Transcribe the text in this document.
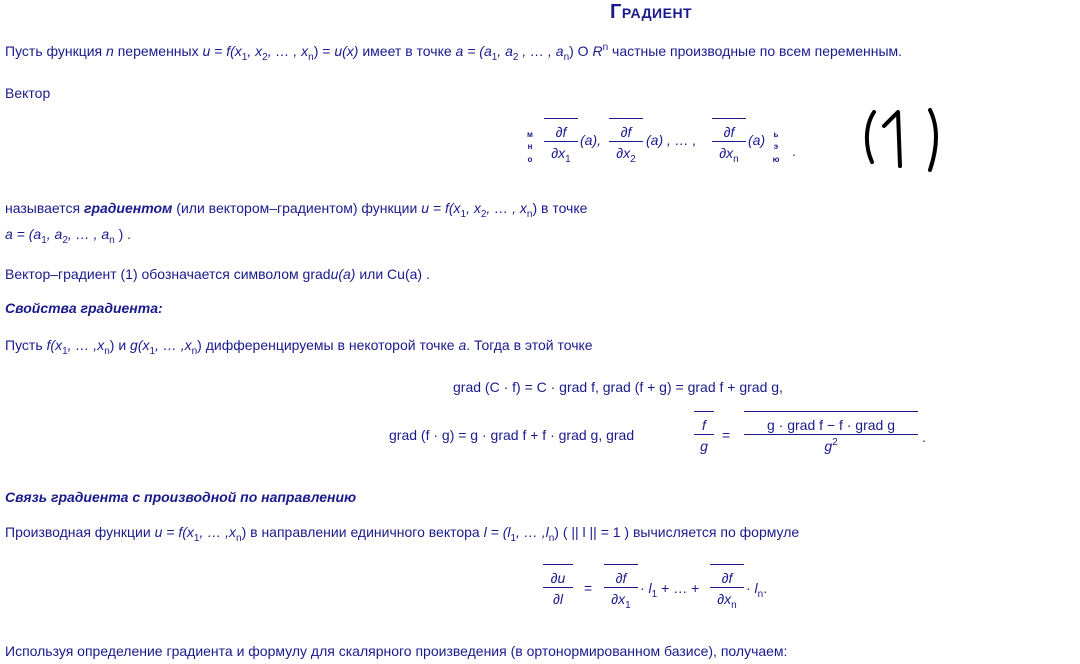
Градиент
Пусть функция n переменных $u = f(x_1$, $x_2$, … , $x_n) = u(x)$ имеет в точке $a = (a_1$, $a_2$ , … , $a_n$) О $R^n$ частные производные по всем переменным.
Вектор
м
н
о $\frac{\partial f}{\partial x_1} (a)$, $\frac{\partial f}{\partial x_2} (a)$ , … , $\frac{\partial f}{\partial x_n} (a)$ ь
э
ю
.
называется градиентом (или вектором–градиентом) функции $u = f(x_1$, $x_2$, … , $x_n$) в точке
$a = (a_1$, $a_2$, … , $a_n$ ) .
Вектор–градиент (1) обозначается символом gradu(a) или Сu(a) .
Свойства градиента:
Пусть $f(x_1$, … $,x_n$) и $g(x_1$, … $,x_n$) дифференцируемы в некоторой точке a. Тогда в этой точке
grad (C · f) = C · grad f, grad (f + g) = grad f + grad g,
grad (f · g) = g · grad f + f · grad g, grad	$\frac{f}{g}$ =
g · grad f − f · grad g
$g^2$	.
Связь градиента с производной по направлению
Производная функции $u = f(x_1$, … $,x_n$) в направлении единичного вектора $l = (l_1$, … $,l_n$) ( || l || = 1 ) вычисляется по формуле
$\frac{\partial u}{\partial l} = \frac{\partial f}{\partial x_1} \cdot l_1$ + … + $\frac{\partial f}{\partial x_n} \cdot l_n$.
Используя определение градиента и формулу для скалярного произведения (в ортонормированном базисе), получаем:
